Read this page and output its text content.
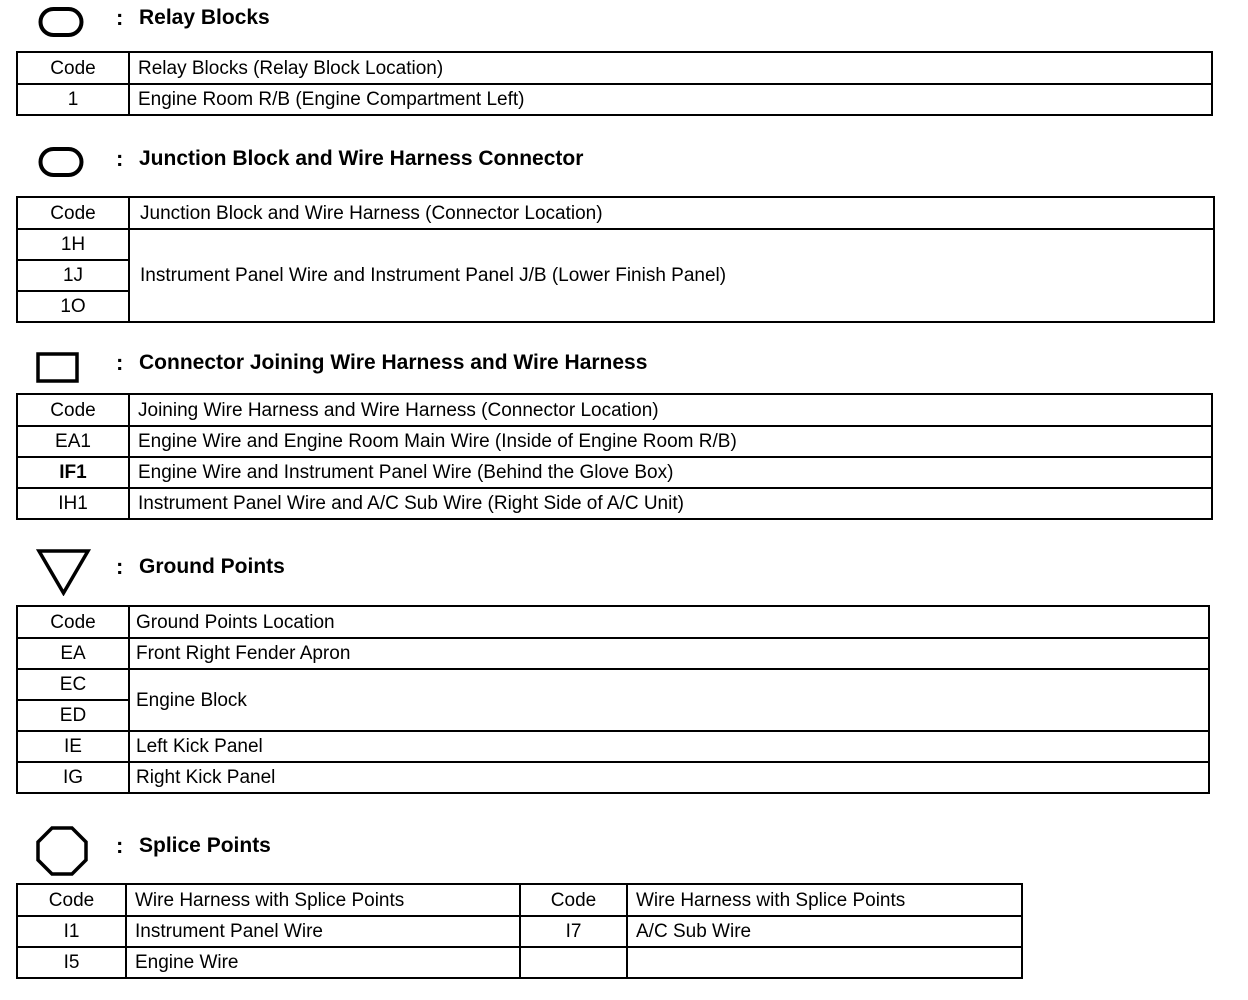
: Relay Blocks
Code	Relay Blocks (Relay Block Location)
1	Engine Room R/B (Engine Compartment Left)
: Junction Block and Wire Harness Connector
Code	Junction Block and Wire Harness (Connector Location)
1H	Instrument Panel Wire and Instrument Panel J/B (Lower Finish Panel)
1J	
1O	
: Connector Joining Wire Harness and Wire Harness
Code	Joining Wire Harness and Wire Harness (Connector Location)
EA1	Engine Wire and Engine Room Main Wire (Inside of Engine Room R/B)
IF1	Engine Wire and Instrument Panel Wire (Behind the Glove Box)
IH1	Instrument Panel Wire and A/C Sub Wire (Right Side of A/C Unit)
: Ground Points
Code	Ground Points Location
EA	Front Right Fender Apron
EC	Engine Block
ED	
IE	Left Kick Panel
IG	Right Kick Panel
: Splice Points
Code	Wire Harness with Splice Points	Code	Wire Harness with Splice Points
I1	Instrument Panel Wire	I7	A/C Sub Wire
I5	Engine Wire		
